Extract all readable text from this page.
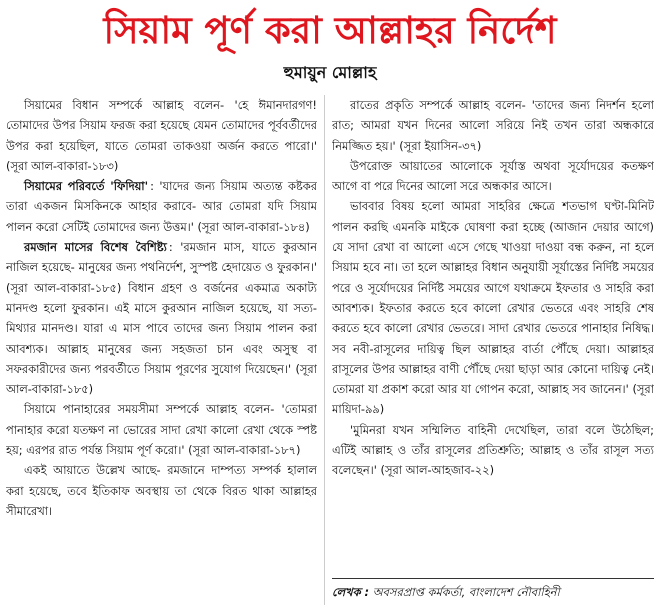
সিয়াম পূর্ণ করা আল্লাহর নির্দেশ
হুমায়ুন মোল্লাহ

সিয়ামের বিধান সম্পর্কে আল্লাহ বলেন- 'হে ঈমানদারগণ! তোমাদের উপর সিয়াম ফরজ করা হয়েছে যেমন তোমাদের পূর্ববর্তীদের উপর করা হয়েছিল, যাতে তোমরা তাকওয়া অর্জন করতে পারো।' (সূরা আল-বাকারা-১৮৩)

সিয়ামের পরিবর্তে 'ফিদিয়া' : 'যাদের জন্য সিয়াম অত্যন্ত কষ্টকর তারা একজন মিসকিনকে আহার করাবে- আর তোমরা যদি সিয়াম পালন করো সেটিই তোমাদের জন্য উত্তম।' (সূরা আল-বাকারা-১৮৪)

রমজান মাসের বিশেষ বৈশিষ্ট্য : 'রমজান মাস, যাতে কুরআন নাজিল হয়েছে- মানুষের জন্য পথনির্দেশ, সুস্পষ্ট হেদায়েত ও ফুরকান।' (সূরা আল-বাকারা-১৮৫) বিধান গ্রহণ ও বর্জনের একমাত্র অকাট্য মানদণ্ড হলো ফুরকান। এই মাসে কুরআন নাজিল হয়েছে, যা সত্য-মিথ্যার মানদণ্ড। যারা এ মাস পাবে তাদের জন্য সিয়াম পালন করা আবশ্যক। আল্লাহ মানুষের জন্য সহজতা চান এবং অসুস্থ বা সফরকারীদের জন্য পরবর্তীতে সিয়াম পূরণের সুযোগ দিয়েছেন।' (সূরা আল-বাকারা-১৮৫)

সিয়ামে পানাহারের সময়সীমা সম্পর্কে আল্লাহ বলেন- 'তোমরা পানাহার করো যতক্ষণ না ভোরের সাদা রেখা কালো রেখা থেকে স্পষ্ট হয়; এরপর রাত পর্যন্ত সিয়াম পূর্ণ করো।' (সূরা আল-বাকারা-১৮৭)

একই আয়াতে উল্লেখ আছে- রমজানে দাম্পত্য সম্পর্ক হালাল করা হয়েছে, তবে ইতিকাফ অবস্থায় তা থেকে বিরত থাকা আল্লাহর সীমারেখা।

রাতের প্রকৃতি সম্পর্কে আল্লাহ বলেন- 'তাদের জন্য নিদর্শন হলো রাত; আমরা যখন দিনের আলো সরিয়ে নিই তখন তারা অন্ধকারে নিমজ্জিত হয়।' (সূরা ইয়াসিন-৩৭)

উপরোক্ত আয়াতের আলোকে সূর্যাস্ত অথবা সূর্যোদয়ের কতক্ষণ আগে বা পরে দিনের আলো সরে অন্ধকার আসে।

ভাববার বিষয় হলো আমরা সাহরির ক্ষেত্রে শতভাগ ঘণ্টা-মিনিট পালন করছি এমনকি মাইকে ঘোষণা করা হচ্ছে (আজান দেয়ার আগে) যে সাদা রেখা বা আলো এসে গেছে খাওয়া দাওয়া বন্ধ করুন, না হলে সিয়াম হবে না। তা হলে আল্লাহর বিধান অনুযায়ী সূর্যাস্তের নির্দিষ্ট সময়ের পরে ও সূর্যোদয়ের নির্দিষ্ট সময়ের আগে যথাক্রমে ইফতার ও সাহরি করা আবশ্যক। ইফতার করতে হবে কালো রেখার ভেতরে এবং সাহরি শেষ করতে হবে কালো রেখার ভেতরে। সাদা রেখার ভেতরে পানাহার নিষিদ্ধ। সব নবী-রাসূলের দায়িত্ব ছিল আল্লাহর বার্তা পৌঁছে দেয়া। আল্লাহর রাসূলের উপর আল্লাহর বাণী পৌঁছে দেয়া ছাড়া আর কোনো দায়িত্ব নেই। তোমরা যা প্রকাশ করো আর যা গোপন করো, আল্লাহ সব জানেন।' (সূরা মায়িদা-৯৯)

'মুমিনরা যখন সম্মিলিত বাহিনী দেখেছিল, তারা বলে উঠেছিল; এটিই আল্লাহ ও তাঁর রাসূলের প্রতিশ্রুতি; আল্লাহ ও তাঁর রাসূল সত্য বলেছেন।' (সূরা আল-আহজাব-২২)

লেখক : অবসরপ্রাপ্ত কর্মকর্তা, বাংলাদেশ নৌবাহিনী
